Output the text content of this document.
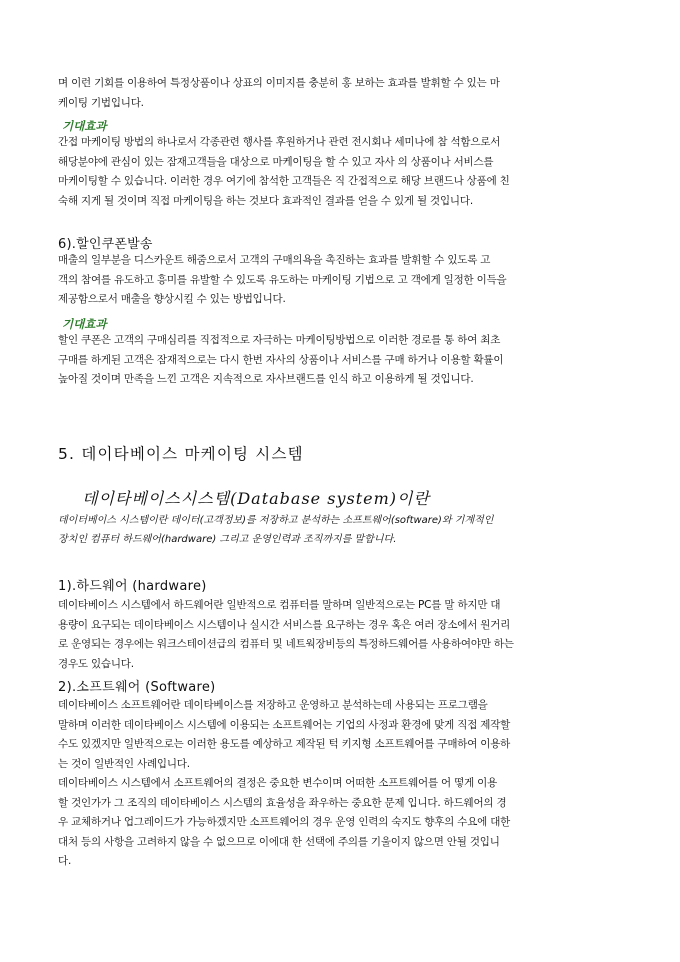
며 이런 기회를 이용하여 특정상품이나 상표의 이미지를 충분히 홍 보하는 효과를 발휘할 수 있는 마
케이팅 기법입니다.
기대효과
간접 마케이팅 방법의 하나로서 각종관련 행사를 후원하거나 관련 전시회나 세미나에 참 석함으로서
해당분야에 관심이 있는 잠재고객들을 대상으로 마케이팅을 할 수 있고 자사 의 상품이나 서비스를
마케이팅할 수 있습니다. 이러한 경우 여기에 참석한 고객들은 직 간접적으로 해당 브랜드나 상품에 친
숙해 지게 될 것이며 직접 마케이팅을 하는 것보다 효과적인 결과를 얻을 수 있게 될 것입니다.
6).할인쿠폰발송
매출의 일부분을 디스카운트 해줌으로서 고객의 구매의욕을 촉진하는 효과를 발휘할 수 있도록 고
객의 참여를 유도하고 흥미를 유발할 수 있도록 유도하는 마케이팅 기법으로 고 객에게 일정한 이득을
제공함으로서 매출을 향상시킬 수 있는 방법입니다.
기대효과
할인 쿠폰은 고객의 구매심리를 직접적으로 자극하는 마케이팅방법으로 이러한 경로를 통 하여 최초
구매를 하게된 고객은 잠재적으로는 다시 한번 자사의 상품이나 서비스를 구매 하거나 이용할 확률이
높아질 것이며 만족을 느낀 고객은 지속적으로 자사브랜드를 인식 하고 이용하게 될 것입니다.
5. 데이타베이스 마케이팅 시스템
데이타베이스시스템(Database system)이란
데이터베이스 시스템이란 데이터(고객정보)를 저장하고 분석하는 소프트웨어(software)와 기계적인
장치인 컴퓨터 하드웨어(hardware) 그리고 운영인력과 조직까지를 말합니다.
1).하드웨어 (hardware)
데이타베이스 시스템에서 하드웨어란 일반적으로 컴퓨터를 말하며 일반적으로는 PC를 말 하지만 대
용량이 요구되는 데이타베이스 시스템이나 실시간 서비스를 요구하는 경우 혹은 여러 장소에서 원거리
로 운영되는 경우에는 워크스테이션급의 컴퓨터 및 네트웍장비등의 특정하드웨어를 사용하여야만 하는
경우도 있습니다.
2).소프트웨어 (Software)
데이타베이스 소프트웨어란 데이타베이스를 저장하고 운영하고 분석하는데 사용되는 프로그램을
말하며 이러한 데이타베이스 시스템에 이용되는 소프트웨어는 기업의 사정과 환경에 맞게 직접 제작할
수도 있겠지만 일반적으로는 이러한 용도를 예상하고 제작된 턱 키지형 소프트웨어를 구매하여 이용하
는 것이 일반적인 사례입니다.
데이타베이스 시스템에서 소프트웨어의 결정은 중요한 변수이며 어떠한 소프트웨어를 어 떻게 이용
할 것인가가 그 조직의 데이타베이스 시스템의 효율성을 좌우하는 중요한 문제 입니다. 하드웨어의 경
우 교체하거나 업그레이드가 가능하겠지만 소프트웨어의 경우 운영 인력의 숙지도 향후의 수요에 대한
대처 등의 사항을 고려하지 않을 수 없으므로 이에대 한 선택에 주의를 기울이지 않으면 안될 것입니
다.
